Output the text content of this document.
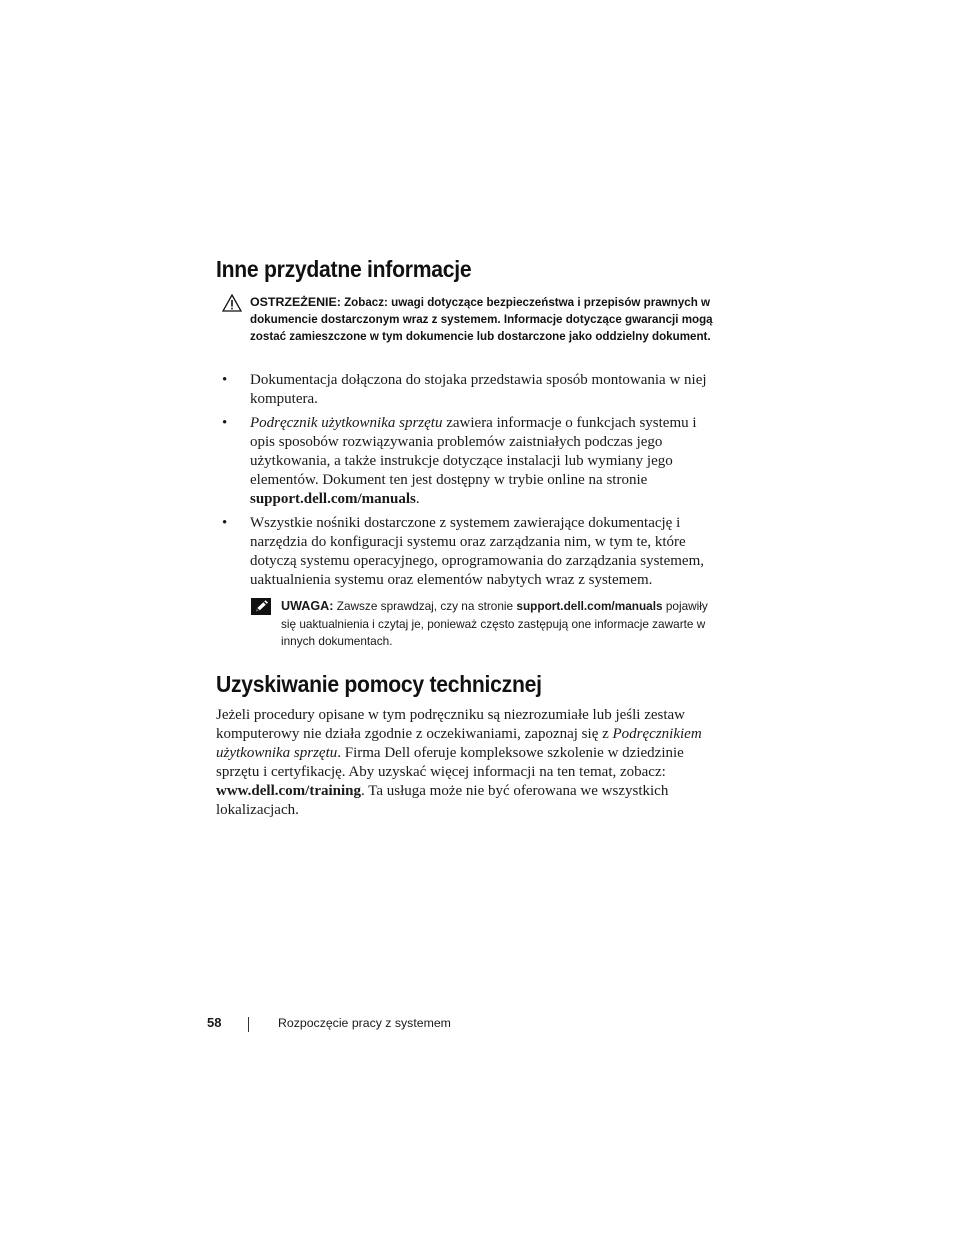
Inne przydatne informacje
OSTRZEŻENIE: Zobacz: uwagi dotyczące bezpieczeństwa i przepisów prawnych w dokumencie dostarczonym wraz z systemem. Informacje dotyczące gwarancji mogą zostać zamieszczone w tym dokumencie lub dostarczone jako oddzielny dokument.
• Dokumentacja dołączona do stojaka przedstawia sposób montowania w niej komputera.
• Podręcznik użytkownika sprzętu zawiera informacje o funkcjach systemu i opis sposobów rozwiązywania problemów zaistniałych podczas jego użytkowania, a także instrukcje dotyczące instalacji lub wymiany jego elementów. Dokument ten jest dostępny w trybie online na stronie support.dell.com/manuals.
• Wszystkie nośniki dostarczone z systemem zawierające dokumentację i narzędzia do konfiguracji systemu oraz zarządzania nim, w tym te, które dotyczą systemu operacyjnego, oprogramowania do zarządzania systemem, uaktualnienia systemu oraz elementów nabytych wraz z systemem.
UWAGA: Zawsze sprawdzaj, czy na stronie support.dell.com/manuals pojawiły się uaktualnienia i czytaj je, ponieważ często zastępują one informacje zawarte w innych dokumentach.
Uzyskiwanie pomocy technicznej

Jeżeli procedury opisane w tym podręczniku są niezrozumiałe lub jeśli zestaw komputerowy nie działa zgodnie z oczekiwaniami, zapoznaj się z Podręcznikiem użytkownika sprzętu. Firma Dell oferuje kompleksowe szkolenie w dziedzinie sprzętu i certyfikację. Aby uzyskać więcej informacji na ten temat, zobacz: www.dell.com/training. Ta usługa może nie być oferowana we wszystkich lokalizacjach.

58	Rozpoczęcie pracy z systemem
